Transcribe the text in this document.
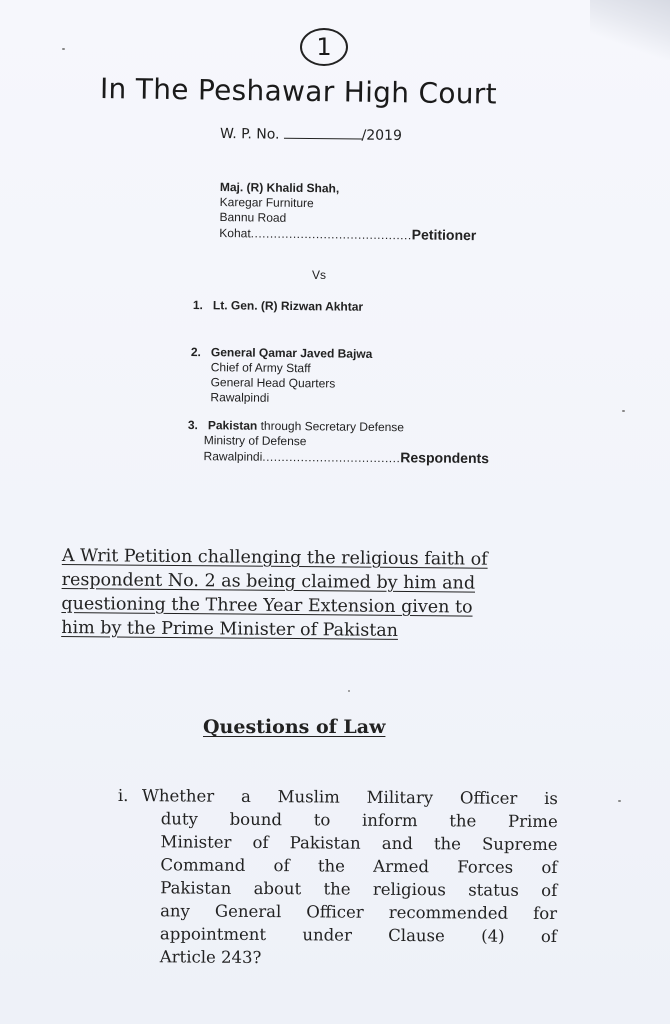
1
In The Peshawar High Court
W. P. No.	/2019
Maj. (R) Khalid Shah,
Karegar Furniture
Bannu Road
Kohat..........................................Petitioner
Vs
1. Lt. Gen. (R) Rizwan Akhtar
2. General Qamar Javed Bajwa
Chief of Army Staff
General Head Quarters
Rawalpindi
3. Pakistan through Secretary Defense
Ministry of Defense
Rawalpindi....................................Respondents
A Writ Petition challenging the religious faith of
respondent No. 2 as being claimed by him and
questioning the Three Year Extension given to
him by the Prime Minister of Pakistan
Questions of Law
i. Whether a Muslim Military Officer is
duty bound to inform the Prime
Minister of Pakistan and the Supreme
Command of the Armed Forces of
Pakistan about the religious status of
any General Officer recommended for
appointment under Clause (4) of
Article 243?
